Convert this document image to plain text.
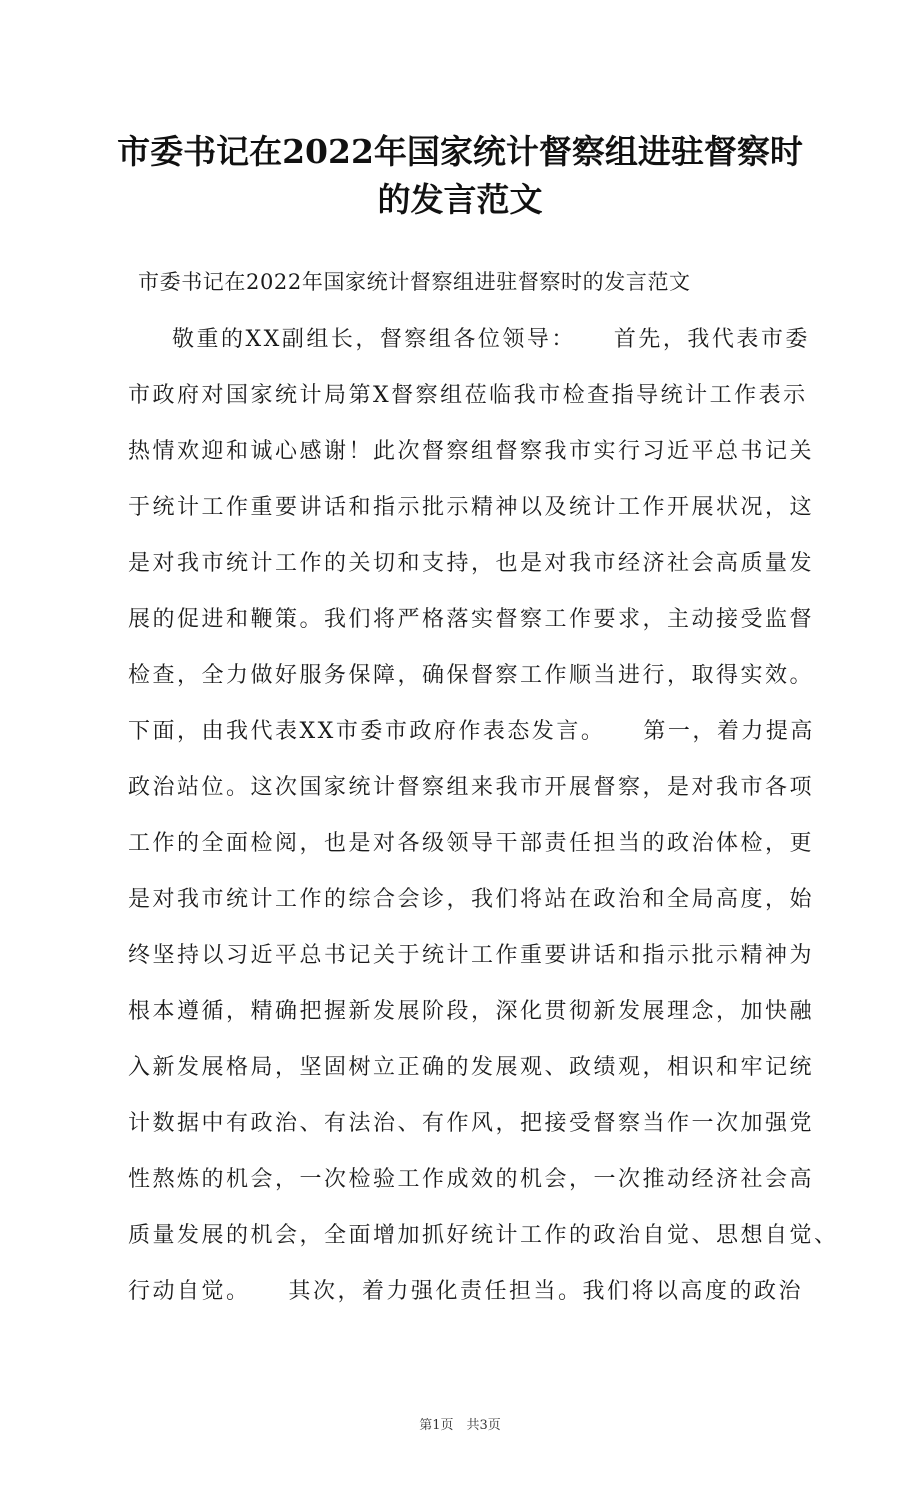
市委书记在2022年国家统计督察组进驻督察时
的发言范文
市委书记在2022年国家统计督察组进驻督察时的发言范文
敬重的XX副组长，督察组各位领导：　　首先，我代表市委
市政府对国家统计局第X督察组莅临我市检查指导统计工作表示
热情欢迎和诚心感谢！此次督察组督察我市实行习近平总书记关
于统计工作重要讲话和指示批示精神以及统计工作开展状况，这
是对我市统计工作的关切和支持，也是对我市经济社会高质量发
展的促进和鞭策。我们将严格落实督察工作要求，主动接受监督
检查，全力做好服务保障，确保督察工作顺当进行，取得实效。
下面，由我代表XX市委市政府作表态发言。　　第一，着力提高
政治站位。这次国家统计督察组来我市开展督察，是对我市各项
工作的全面检阅，也是对各级领导干部责任担当的政治体检，更
是对我市统计工作的综合会诊，我们将站在政治和全局高度，始
终坚持以习近平总书记关于统计工作重要讲话和指示批示精神为
根本遵循，精确把握新发展阶段，深化贯彻新发展理念，加快融
入新发展格局，坚固树立正确的发展观、政绩观，相识和牢记统
计数据中有政治、有法治、有作风，把接受督察当作一次加强党
性熬炼的机会，一次检验工作成效的机会，一次推动经济社会高
质量发展的机会，全面增加抓好统计工作的政治自觉、思想自觉、
行动自觉。　　其次，着力强化责任担当。我们将以高度的政治
第1页　共3页
